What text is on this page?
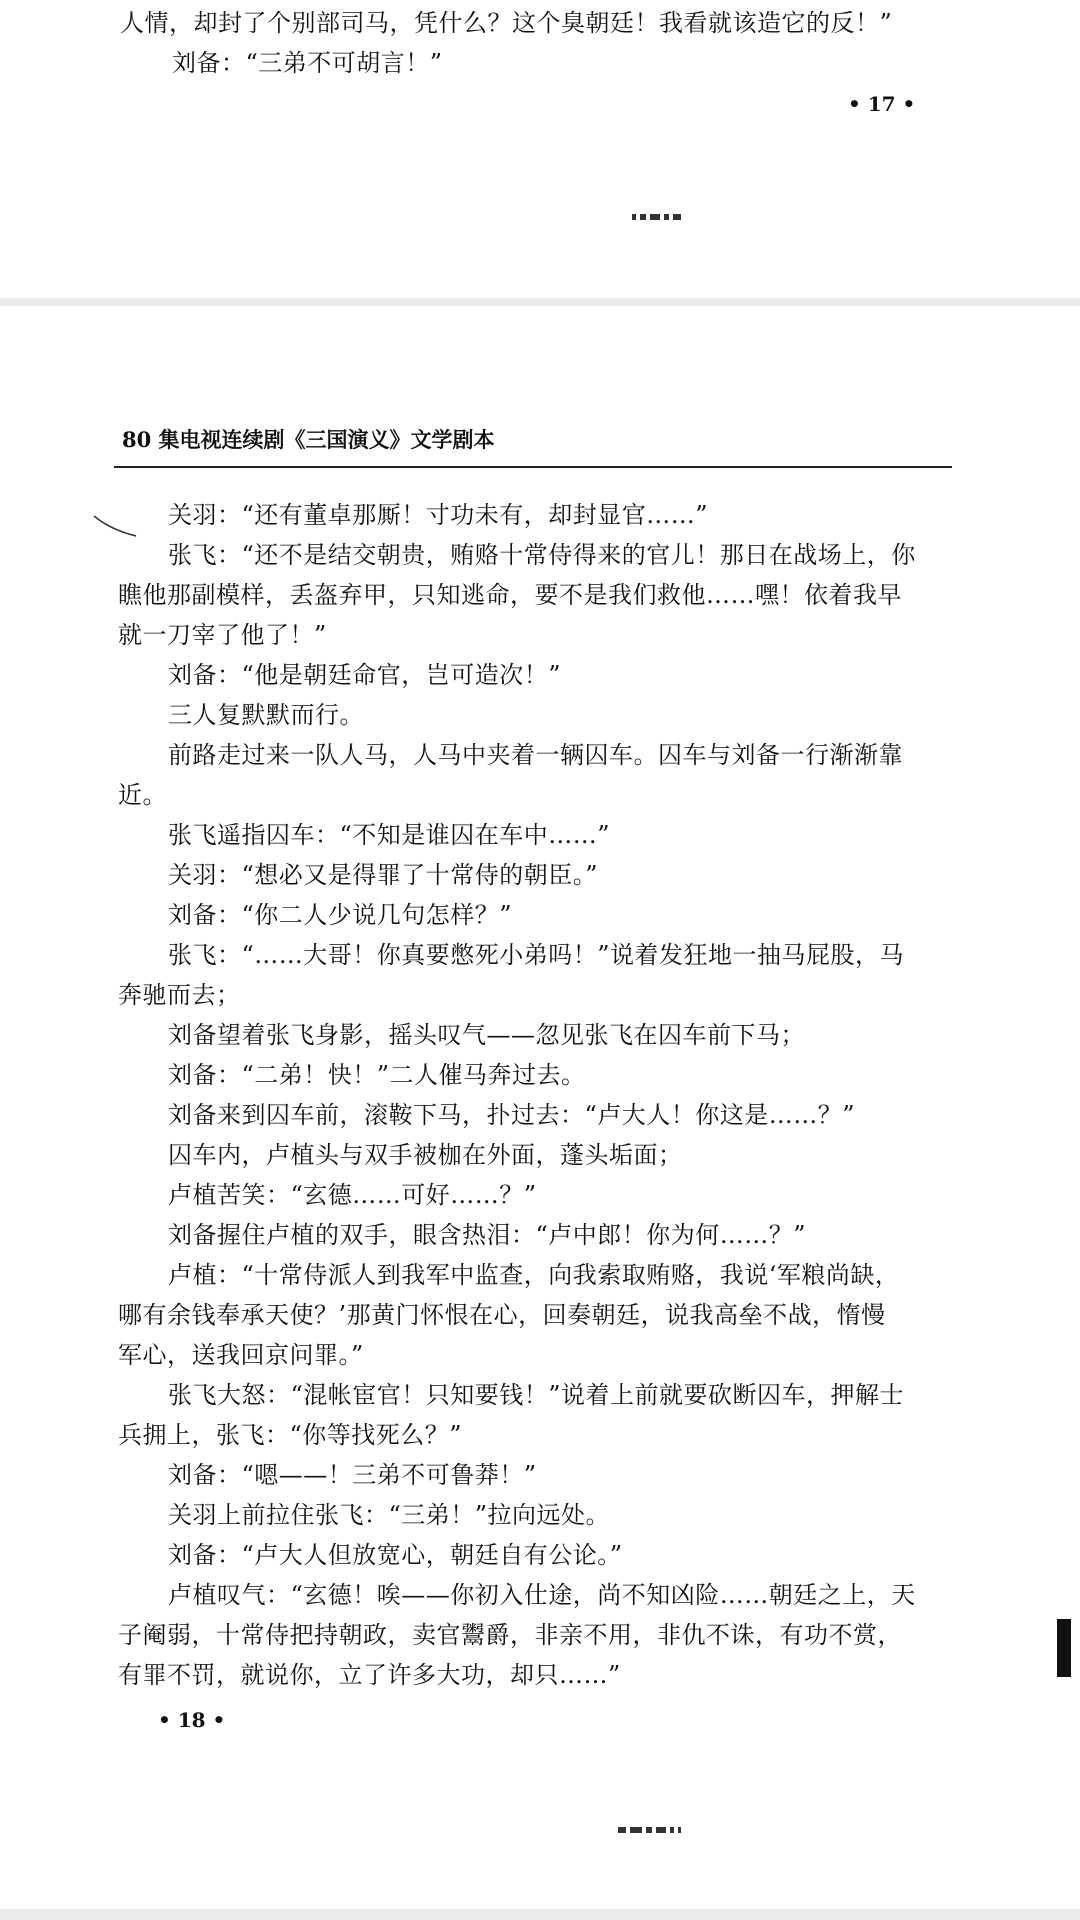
人情，却封了个别部司马，凭什么？这个臭朝廷！我看就该造它的反！”
刘备：“三弟不可胡言！”
• 17 •
80 集电视连续剧《三国演义》文学剧本
关羽：“还有董卓那厮！寸功未有，却封显官……”
张飞：“还不是结交朝贵，贿赂十常侍得来的官儿！那日在战场上，你
瞧他那副模样，丢盔弃甲，只知逃命，要不是我们救他……嘿！依着我早
就一刀宰了他了！”
刘备：“他是朝廷命官，岂可造次！”
三人复默默而行。
前路走过来一队人马，人马中夹着一辆囚车。囚车与刘备一行渐渐靠
近。
张飞遥指囚车：“不知是谁囚在车中……”
关羽：“想必又是得罪了十常侍的朝臣。”
刘备：“你二人少说几句怎样？”
张飞：“……大哥！你真要憋死小弟吗！”说着发狂地一抽马屁股，马
奔驰而去；
刘备望着张飞身影，摇头叹气——忽见张飞在囚车前下马；
刘备：“二弟！快！”二人催马奔过去。
刘备来到囚车前，滚鞍下马，扑过去：“卢大人！你这是……？”
囚车内，卢植头与双手被枷在外面，蓬头垢面；
卢植苦笑：“玄德……可好……？”
刘备握住卢植的双手，眼含热泪：“卢中郎！你为何……？”
卢植：“十常侍派人到我军中监查，向我索取贿赂，我说‘军粮尚缺，
哪有余钱奉承天使？’那黄门怀恨在心，回奏朝廷，说我高垒不战，惰慢
军心，送我回京问罪。”
张飞大怒：“混帐宦官！只知要钱！”说着上前就要砍断囚车，押解士
兵拥上，张飞：“你等找死么？”
刘备：“嗯——！三弟不可鲁莽！”
关羽上前拉住张飞：“三弟！”拉向远处。
刘备：“卢大人但放宽心，朝廷自有公论。”
卢植叹气：“玄德！唉——你初入仕途，尚不知凶险……朝廷之上，天
子阉弱，十常侍把持朝政，卖官鬻爵，非亲不用，非仇不诛，有功不赏，
有罪不罚，就说你，立了许多大功，却只……”
• 18 •
